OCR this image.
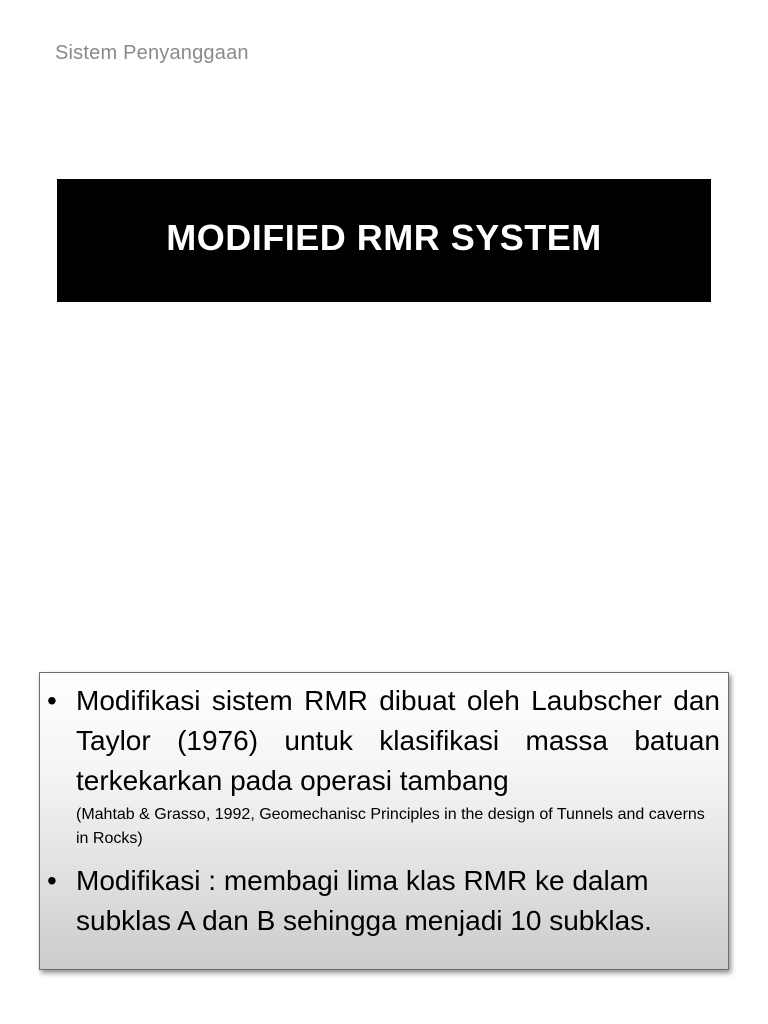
Sistem Penyanggaan
MODIFIED RMR SYSTEM
• Modifikasi sistem RMR dibuat oleh Laubscher dan Taylor (1976) untuk klasifikasi massa batuan terkekarkan pada operasi tambang
(Mahtab & Grasso, 1992, Geomechanisc Principles in the design of Tunnels and caverns in Rocks)
• Modifikasi : membagi lima klas RMR ke dalam subklas A dan B sehingga menjadi 10 subklas.
